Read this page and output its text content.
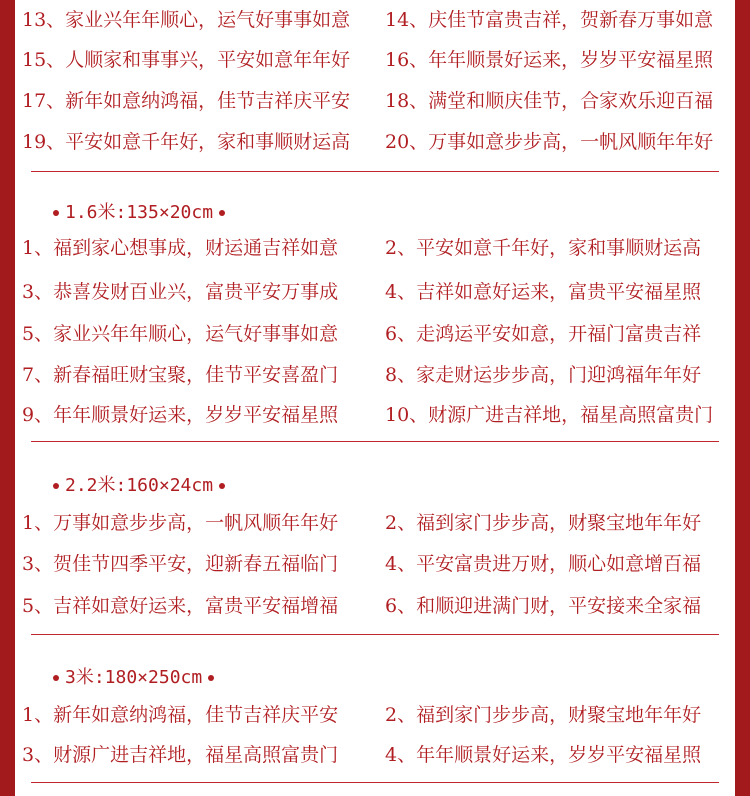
13、家业兴年年顺心，运气好事事如意 14、庆佳节富贵吉祥，贺新春万事如意
15、人顺家和事事兴，平安如意年年好 16、年年顺景好运来，岁岁平安福星照
17、新年如意纳鸿福，佳节吉祥庆平安 18、满堂和顺庆佳节，合家欢乐迎百福
19、平安如意千年好，家和事顺财运高 20、万事如意步步高，一帆风顺年年好
1.6米:135×20cm
1、福到家心想事成，财运通吉祥如意 2、平安如意千年好，家和事顺财运高
3、恭喜发财百业兴，富贵平安万事成 4、吉祥如意好运来，富贵平安福星照
5、家业兴年年顺心，运气好事事如意 6、走鸿运平安如意，开福门富贵吉祥
7、新春福旺财宝聚，佳节平安喜盈门 8、家走财运步步高，门迎鸿福年年好
9、年年顺景好运来，岁岁平安福星照 10、财源广进吉祥地，福星高照富贵门
2.2米:160×24cm
1、万事如意步步高，一帆风顺年年好 2、福到家门步步高，财聚宝地年年好
3、贺佳节四季平安，迎新春五福临门 4、平安富贵进万财，顺心如意增百福
5、吉祥如意好运来，富贵平安福增福 6、和顺迎进满门财，平安接来全家福
3米:180×250cm
1、新年如意纳鸿福，佳节吉祥庆平安 2、福到家门步步高，财聚宝地年年好
3、财源广进吉祥地，福星高照富贵门 4、年年顺景好运来，岁岁平安福星照
